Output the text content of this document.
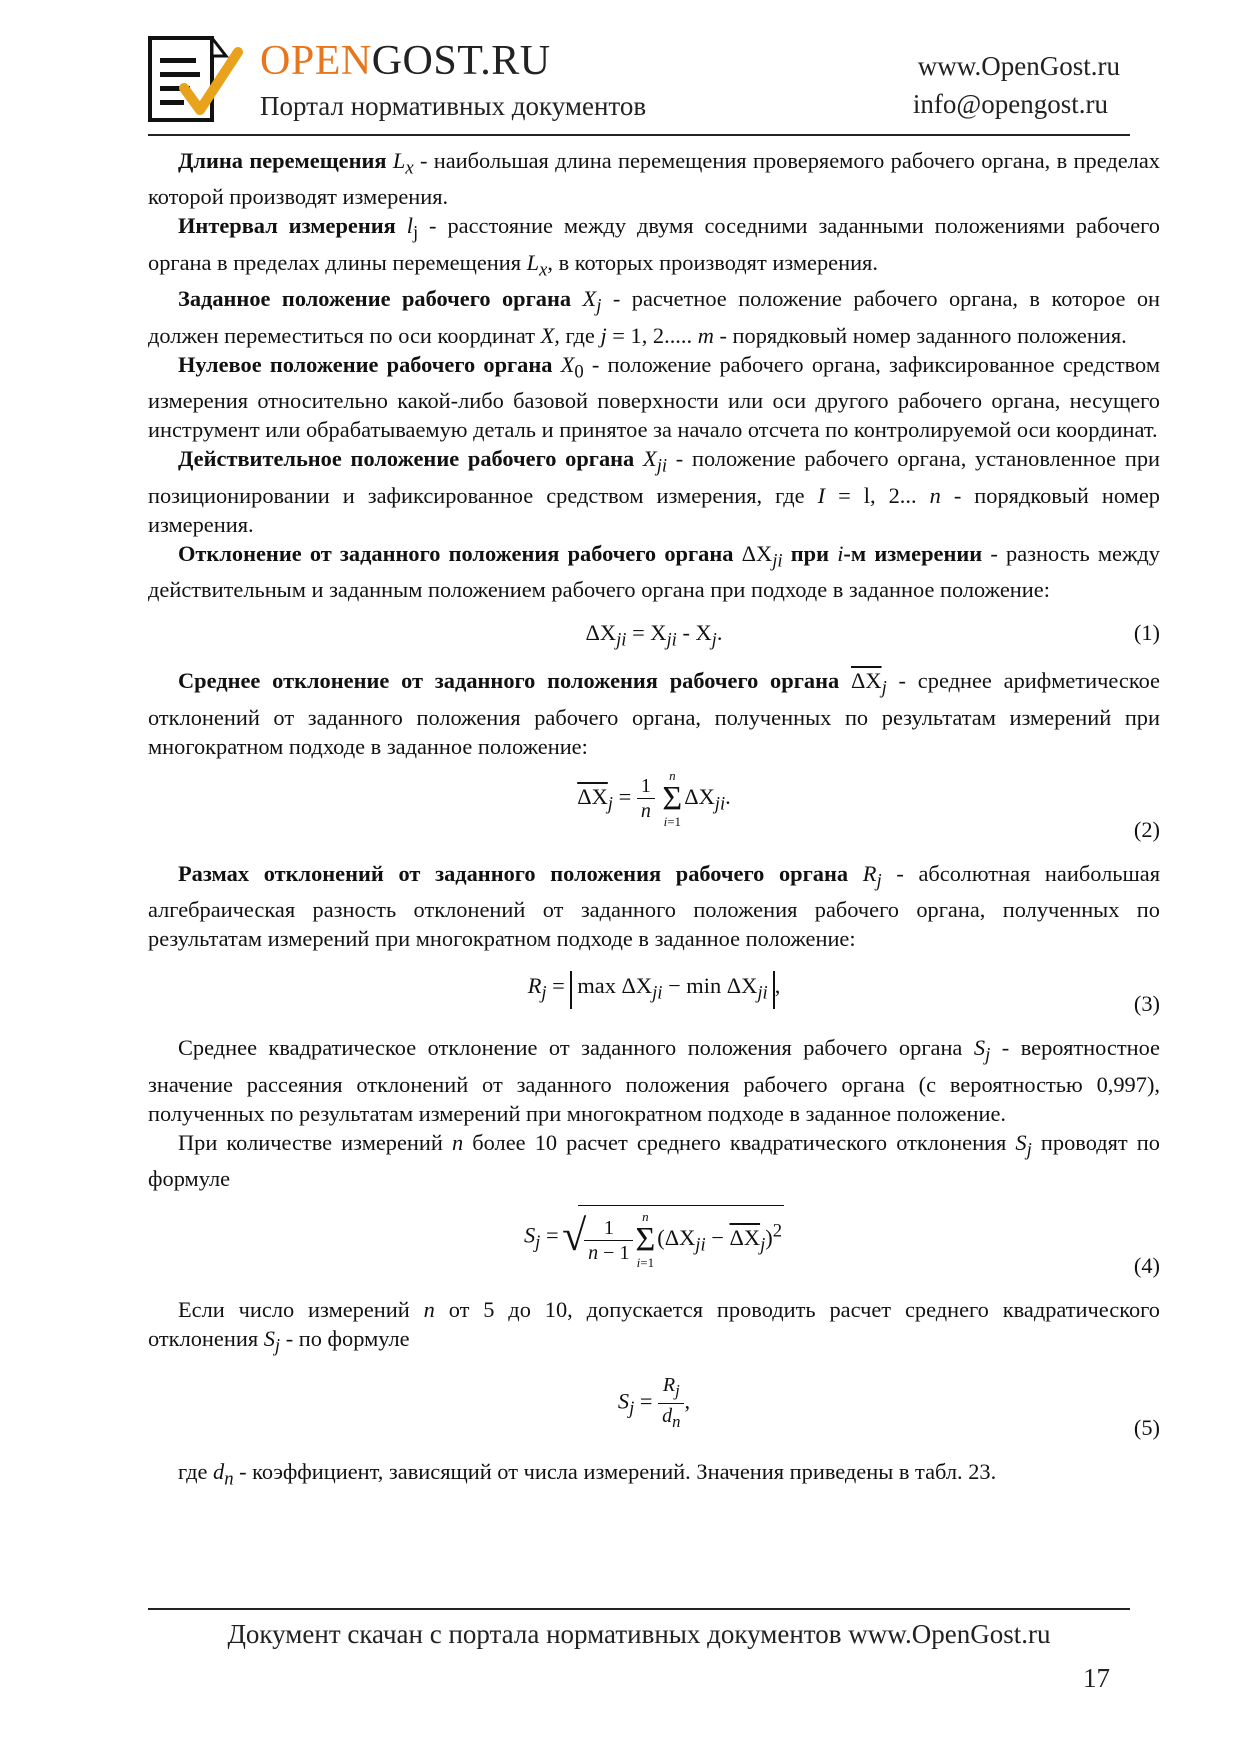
OPENGOST.RU
Портал нормативных документов
www.OpenGost.ru
info@opengost.ru

Длина перемещения $L_x$ - наибольшая длина перемещения проверяемого рабочего органа, в пределах которой производят измерения.

Интервал измерения $l_j$ - расстояние между двумя соседними заданными положениями рабочего органа в пределах длины перемещения $L_x$, в которых производят измерения.

Заданное положение рабочего органа $X_j$ - расчетное положение рабочего органа, в которое он должен переместиться по оси координат X, где j = 1, 2..... m - порядковый номер заданного положения.

Нулевое положение рабочего органа $X_0$ - положение рабочего органа, зафиксированное средством измерения относительно какой-либо базовой поверхности или оси другого рабочего органа, несущего инструмент или обрабатываемую деталь и принятое за начало отсчета по контролируемой оси координат.

Действительное положение рабочего органа $X_{ji}$ - положение рабочего органа, установленное при позиционировании и зафиксированное средством измерения, где I = l, 2... n - порядковый номер измерения.

Отклонение от заданного положения рабочего органа $\Delta X_{ji}$ при i-м измерении - разность между действительным и заданным положением рабочего органа при подходе в заданное положение:

$\Delta X_{ji} = X_{ji} - X_j$.	(1)

Среднее отклонение от заданного положения рабочего органа $\overline{\Delta X}_j$ - среднее арифметическое отклонений от заданного положения рабочего органа, полученных по результатам измерений при многократном подходе в заданное положение:

$\overline{\Delta X}_j = \frac{1}{n}$ n
Σ
$i=1\Delta X_{ji}$.
(2)

Размах отклонений от заданного положения рабочего органа $R_j$ - абсолютная наибольшая алгебраическая разность отклонений от заданного положения рабочего органа, полученных по результатам измерений при многократном подходе в заданное положение:

$R_j = \max \Delta X_{ji} - \min \Delta X_{ji}$ ,
(3)

Среднее квадратическое отклонение от заданного положения рабочего органа $S_j$ - вероятностное значение рассеяния отклонений от заданного положения рабочего органа (с вероятностью 0,997), полученных по результатам измерений при многократном подходе в заданное положение.

При количестве измерений n более 10 расчет среднего квадратического отклонения $S_j$ проводят по формуле

$S_j$ = √ $\frac{1}{n - 1}$ n
Σ
$i=1(\Delta X_{ji} - \overline{\Delta X}_j)^2$
(4)

Если число измерений n от 5 до 10, допускается проводить расчет среднего квадратического отклонения $S_j$ - по формуле

$S_j = \frac{R_j}{d_n}$ ,
(5)

где $d_n$ - коэффициент, зависящий от числа измерений. Значения приведены в табл. 23.

Документ скачан с портала нормативных документов www.OpenGost.ru
17
